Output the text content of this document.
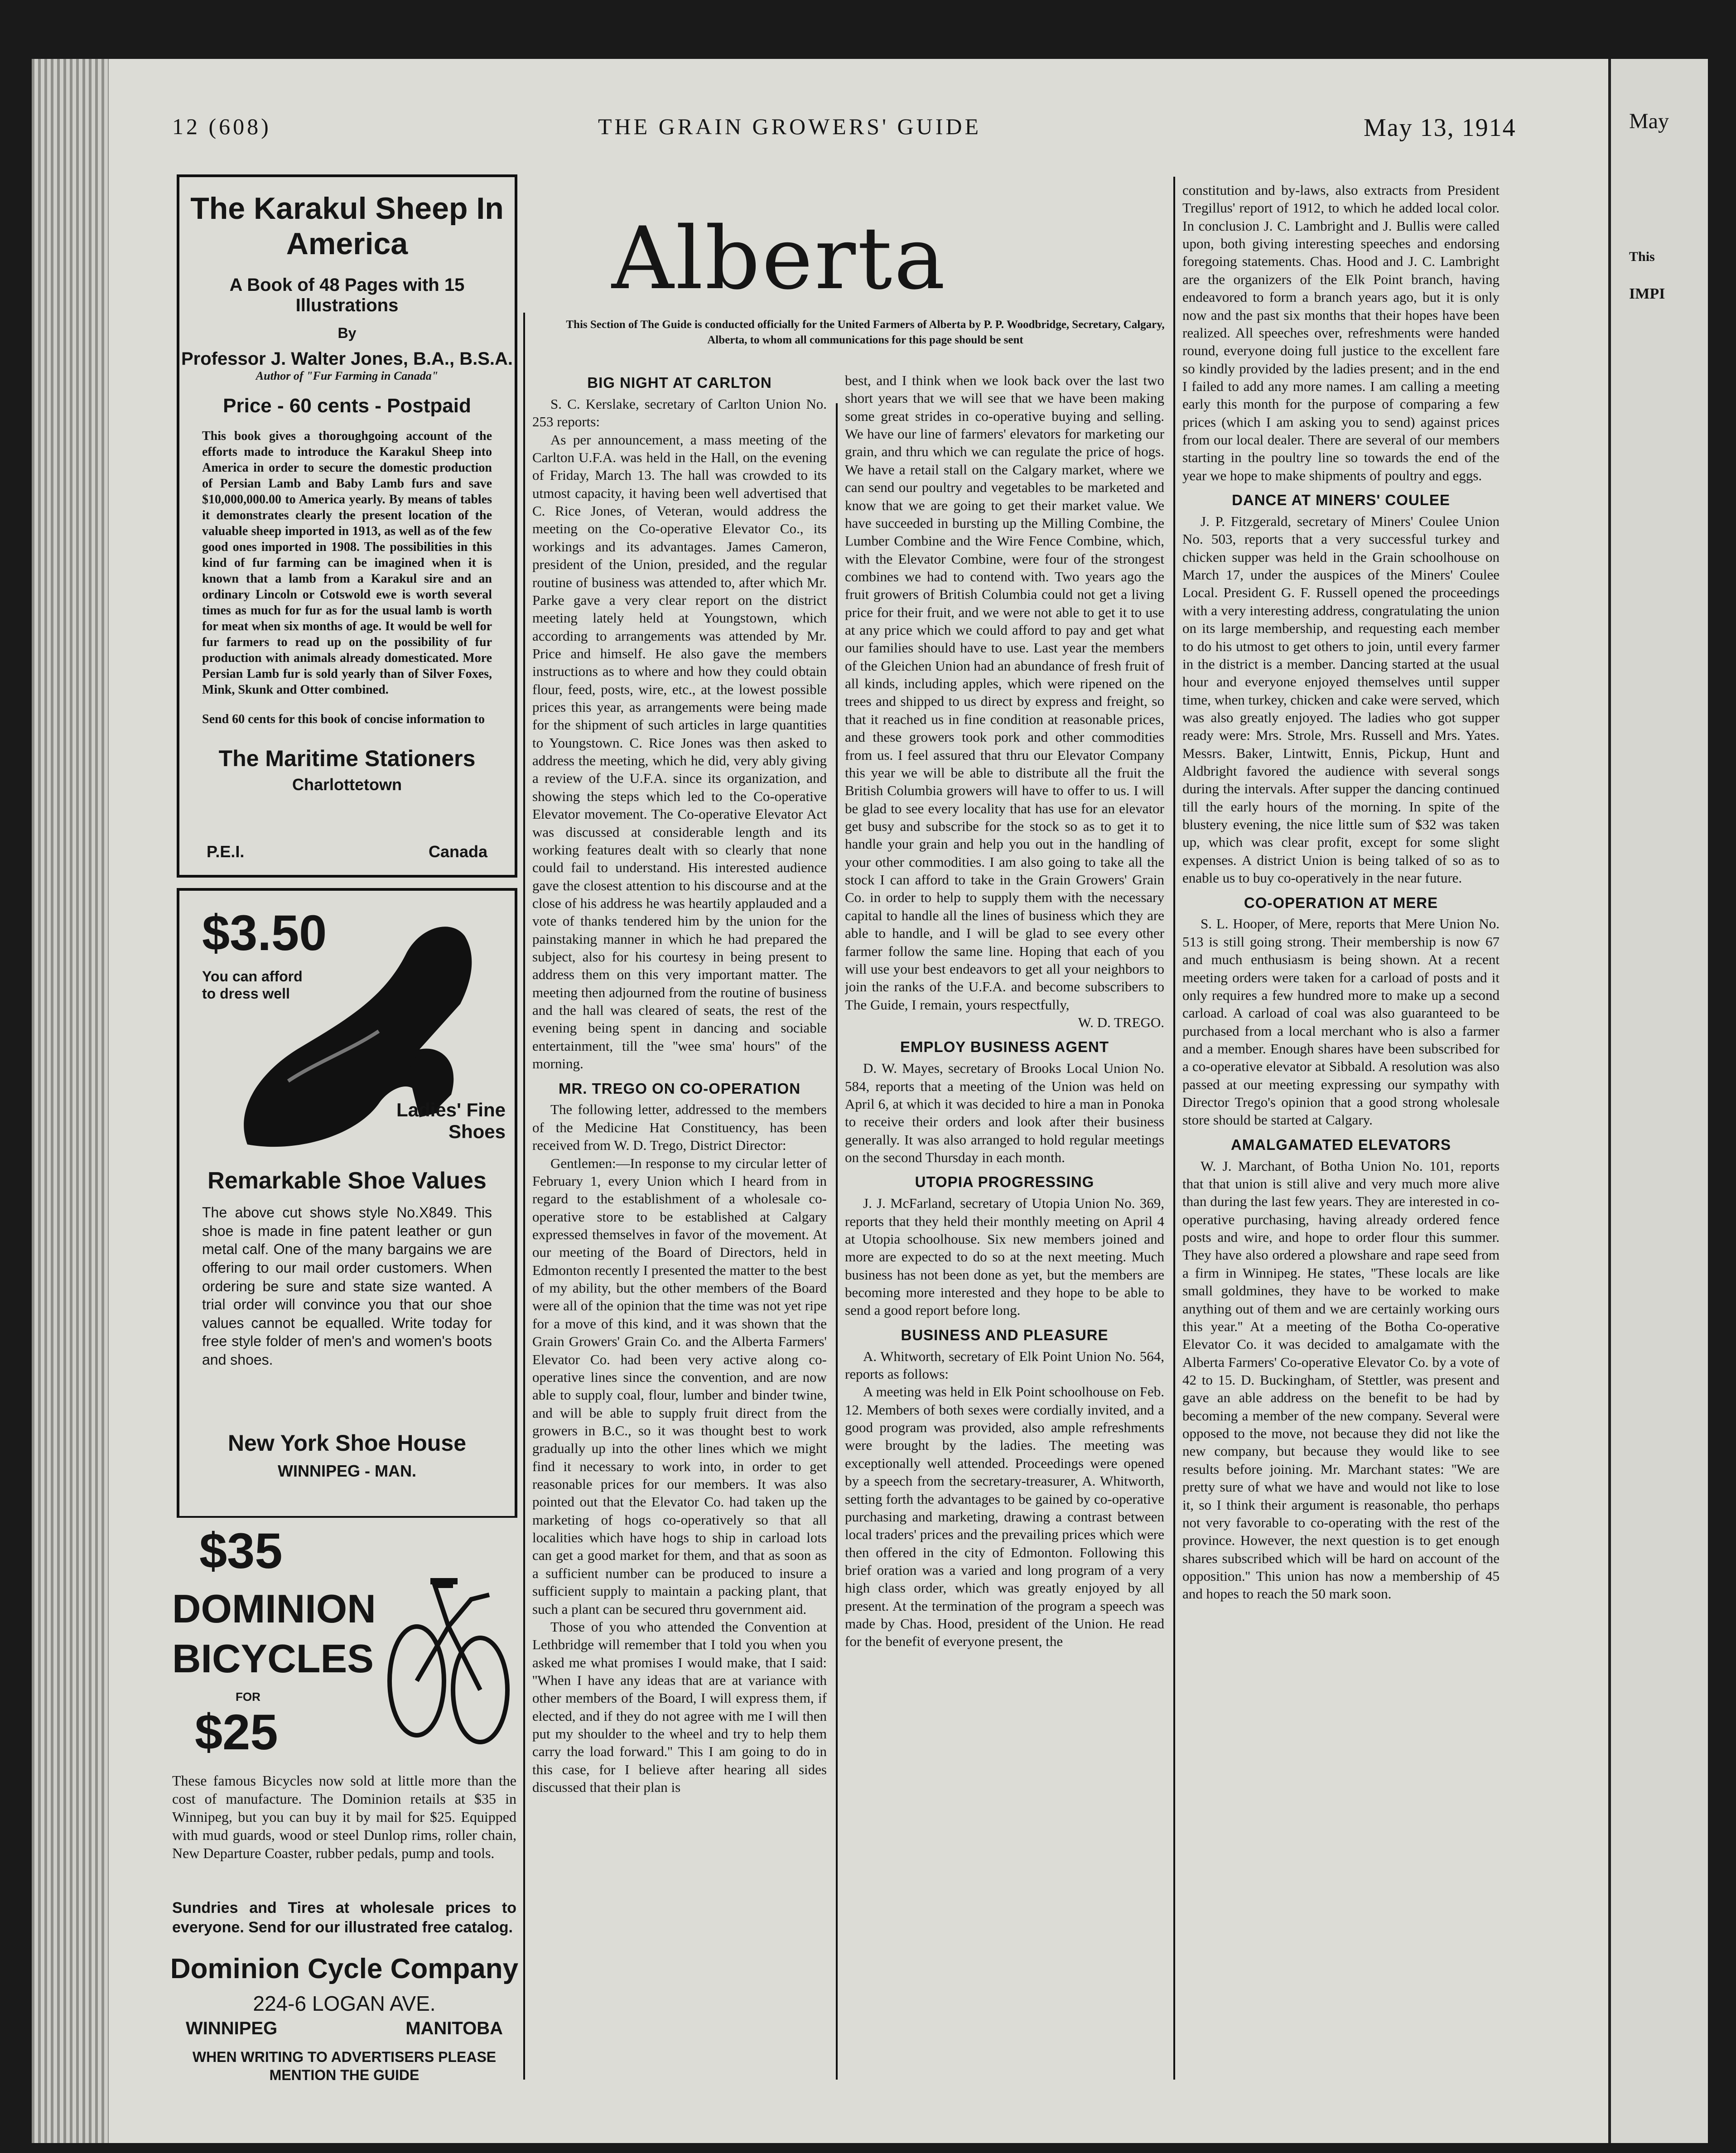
12 (608)	THE GRAIN GROWERS' GUIDE	May 13, 1914
Alberta
This Section of The Guide is conducted officially for the United Farmers of Alberta by P. P. Woodbridge, Secretary, Calgary, Alberta, to whom all communications for this page should be sent
The Karakul Sheep In America
A Book of 48 Pages with 15 Illustrations
By
Professor J. Walter Jones, B.A., B.S.A.
Author of "Fur Farming in Canada"
Price - 60 cents - Postpaid
This book gives a thoroughgoing account of the efforts made to introduce the Karakul Sheep into America in order to secure the domestic production of Persian Lamb and Baby Lamb furs and save $10,000,000.00 to America yearly. By means of tables it demonstrates clearly the present location of the valuable sheep imported in 1913, as well as of the few good ones imported in 1908. The possibilities in this kind of fur farming can be imagined when it is known that a lamb from a Karakul sire and an ordinary Lincoln or Cotswold ewe is worth several times as much for fur as for the usual lamb is worth for meat when six months of age. It would be well for fur farmers to read up on the possibility of fur production with animals already domesticated. More Persian Lamb fur is sold yearly than of Silver Foxes, Mink, Skunk and Otter combined.
Send 60 cents for this book of concise information to
The Maritime Stationers
Charlottetown
P.E.I.	Canada
$3.50
You can afford to dress well
Ladies' Fine Shoes
Remarkable Shoe Values
The above cut shows style No.X849. This shoe is made in fine patent leather or gun metal calf. One of the many bargains we are offering to our mail order customers. When ordering be sure and state size wanted. A trial order will convince you that our shoe values cannot be equalled. Write today for free style folder of men's and women's boots and shoes.
New York Shoe House
WINNIPEG - MAN.
$35
DOMINION
BICYCLES
FOR
$25
These famous Bicycles now sold at little more than the cost of manufacture. The Dominion retails at $35 in Winnipeg, but you can buy it by mail for $25. Equipped with mud guards, wood or steel Dunlop rims, roller chain, New Departure Coaster, rubber pedals, pump and tools.
Sundries and Tires at wholesale prices to everyone. Send for our illustrated free catalog.
Dominion Cycle Company
224-6 LOGAN AVE.
WINNIPEG	MANITOBA
WHEN WRITING TO ADVERTISERS PLEASE MENTION THE GUIDE
BIG NIGHT AT CARLTON

S. C. Kerslake, secretary of Carlton Union No. 253 reports:

As per announcement, a mass meeting of the Carlton U.F.A. was held in the Hall, on the evening of Friday, March 13. The hall was crowded to its utmost capacity, it having been well advertised that C. Rice Jones, of Veteran, would address the meeting on the Co-operative Elevator Co., its workings and its advantages. James Cameron, president of the Union, presided, and the regular routine of business was attended to, after which Mr. Parke gave a very clear report on the district meeting lately held at Youngstown, which according to arrangements was attended by Mr. Price and himself. He also gave the members instructions as to where and how they could obtain flour, feed, posts, wire, etc., at the lowest possible prices this year, as arrangements were being made for the shipment of such articles in large quantities to Youngstown. C. Rice Jones was then asked to address the meeting, which he did, very ably giving a review of the U.F.A. since its organization, and showing the steps which led to the Co-operative Elevator movement. The Co-operative Elevator Act was discussed at considerable length and its working features dealt with so clearly that none could fail to understand. His interested audience gave the closest attention to his discourse and at the close of his address he was heartily applauded and a vote of thanks tendered him by the union for the painstaking manner in which he had prepared the subject, also for his courtesy in being present to address them on this very important matter. The meeting then adjourned from the routine of business and the hall was cleared of seats, the rest of the evening being spent in dancing and sociable entertainment, till the ''wee sma' hours'' of the morning.

MR. TREGO ON CO-OPERATION

The following letter, addressed to the members of the Medicine Hat Constituency, has been received from W. D. Trego, District Director:

Gentlemen:—In response to my circular letter of February 1, every Union which I heard from in regard to the establishment of a wholesale co-operative store to be established at Calgary expressed themselves in favor of the movement. At our meeting of the Board of Directors, held in Edmonton recently I presented the matter to the best of my ability, but the other members of the Board were all of the opinion that the time was not yet ripe for a move of this kind, and it was shown that the Grain Growers' Grain Co. and the Alberta Farmers' Elevator Co. had been very active along co-operative lines since the convention, and are now able to supply coal, flour, lumber and binder twine, and will be able to supply fruit direct from the growers in B.C., so it was thought best to work gradually up into the other lines which we might find it necessary to work into, in order to get reasonable prices for our members. It was also pointed out that the Elevator Co. had taken up the marketing of hogs co-operatively so that all localities which have hogs to ship in carload lots can get a good market for them, and that as soon as a sufficient number can be produced to insure a sufficient supply to maintain a packing plant, that such a plant can be secured thru government aid.

Those of you who attended the Convention at Lethbridge will remember that I told you when you asked me what promises I would make, that I said: ''When I have any ideas that are at variance with other members of the Board, I will express them, if elected, and if they do not agree with me I will then put my shoulder to the wheel and try to help them carry the load forward.'' This I am going to do in this case, for I believe after hearing all sides discussed that their plan is

best, and I think when we look back over the last two short years that we will see that we have been making some great strides in co-operative buying and selling. We have our line of farmers' elevators for marketing our grain, and thru which we can regulate the price of hogs. We have a retail stall on the Calgary market, where we can send our poultry and vegetables to be marketed and know that we are going to get their market value. We have succeeded in bursting up the Milling Combine, the Lumber Combine and the Wire Fence Combine, which, with the Elevator Combine, were four of the strongest combines we had to contend with. Two years ago the fruit growers of British Columbia could not get a living price for their fruit, and we were not able to get it to use at any price which we could afford to pay and get what our families should have to use. Last year the members of the Gleichen Union had an abundance of fresh fruit of all kinds, including apples, which were ripened on the trees and shipped to us direct by express and freight, so that it reached us in fine condition at reasonable prices, and these growers took pork and other commodities from us. I feel assured that thru our Elevator Company this year we will be able to distribute all the fruit the British Columbia growers will have to offer to us. I will be glad to see every locality that has use for an elevator get busy and subscribe for the stock so as to get it to handle your grain and help you out in the handling of your other commodities. I am also going to take all the stock I can afford to take in the Grain Growers' Grain Co. in order to help to supply them with the necessary capital to handle all the lines of business which they are able to handle, and I will be glad to see every other farmer follow the same line. Hoping that each of you will use your best endeavors to get all your neighbors to join the ranks of the U.F.A. and become subscribers to The Guide, I remain, yours respectfully,

W. D. TREGO.

EMPLOY BUSINESS AGENT

D. W. Mayes, secretary of Brooks Local Union No. 584, reports that a meeting of the Union was held on April 6, at which it was decided to hire a man in Ponoka to receive their orders and look after their business generally. It was also arranged to hold regular meetings on the second Thursday in each month.

UTOPIA PROGRESSING

J. J. McFarland, secretary of Utopia Union No. 369, reports that they held their monthly meeting on April 4 at Utopia schoolhouse. Six new members joined and more are expected to do so at the next meeting. Much business has not been done as yet, but the members are becoming more interested and they hope to be able to send a good report before long.

BUSINESS AND PLEASURE

A. Whitworth, secretary of Elk Point Union No. 564, reports as follows:

A meeting was held in Elk Point schoolhouse on Feb. 12. Members of both sexes were cordially invited, and a good program was provided, also ample refreshments were brought by the ladies. The meeting was exceptionally well attended. Proceedings were opened by a speech from the secretary-treasurer, A. Whitworth, setting forth the advantages to be gained by co-operative purchasing and marketing, drawing a contrast between local traders' prices and the prevailing prices which were then offered in the city of Edmonton. Following this brief oration was a varied and long program of a very high class order, which was greatly enjoyed by all present. At the termination of the program a speech was made by Chas. Hood, president of the Union. He read for the benefit of everyone present, the

constitution and by-laws, also extracts from President Tregillus' report of 1912, to which he added local color. In conclusion J. C. Lambright and J. Bullis were called upon, both giving interesting speeches and endorsing foregoing statements. Chas. Hood and J. C. Lambright are the organizers of the Elk Point branch, having endeavored to form a branch years ago, but it is only now and the past six months that their hopes have been realized. All speeches over, refreshments were handed round, everyone doing full justice to the excellent fare so kindly provided by the ladies present; and in the end I failed to add any more names. I am calling a meeting early this month for the purpose of comparing a few prices (which I am asking you to send) against prices from our local dealer. There are several of our members starting in the poultry line so towards the end of the year we hope to make shipments of poultry and eggs.

DANCE AT MINERS' COULEE

J. P. Fitzgerald, secretary of Miners' Coulee Union No. 503, reports that a very successful turkey and chicken supper was held in the Grain schoolhouse on March 17, under the auspices of the Miners' Coulee Local. President G. F. Russell opened the proceedings with a very interesting address, congratulating the union on its large membership, and requesting each member to do his utmost to get others to join, until every farmer in the district is a member. Dancing started at the usual hour and everyone enjoyed themselves until supper time, when turkey, chicken and cake were served, which was also greatly enjoyed. The ladies who got supper ready were: Mrs. Strole, Mrs. Russell and Mrs. Yates. Messrs. Baker, Lintwitt, Ennis, Pickup, Hunt and Aldbright favored the audience with several songs during the intervals. After supper the dancing continued till the early hours of the morning. In spite of the blustery evening, the nice little sum of $32 was taken up, which was clear profit, except for some slight expenses. A district Union is being talked of so as to enable us to buy co-operatively in the near future.

CO-OPERATION AT MERE

S. L. Hooper, of Mere, reports that Mere Union No. 513 is still going strong. Their membership is now 67 and much enthusiasm is being shown. At a recent meeting orders were taken for a carload of posts and it only requires a few hundred more to make up a second carload. A carload of coal was also guaranteed to be purchased from a local merchant who is also a farmer and a member. Enough shares have been subscribed for a co-operative elevator at Sibbald. A resolution was also passed at our meeting expressing our sympathy with Director Trego's opinion that a good strong wholesale store should be started at Calgary.

AMALGAMATED ELEVATORS

W. J. Marchant, of Botha Union No. 101, reports that that union is still alive and very much more alive than during the last few years. They are interested in co-operative purchasing, having already ordered fence posts and wire, and hope to order flour this summer. They have also ordered a plowshare and rape seed from a firm in Winnipeg. He states, ''These locals are like small goldmines, they have to be worked to make anything out of them and we are certainly working ours this year.'' At a meeting of the Botha Co-operative Elevator Co. it was decided to amalgamate with the Alberta Farmers' Co-operative Elevator Co. by a vote of 42 to 15. D. Buckingham, of Stettler, was present and gave an able address on the benefit to be had by becoming a member of the new company. Several were opposed to the move, not because they did not like the new company, but because they would like to see results before joining. Mr. Marchant states: ''We are pretty sure of what we have and would not like to lose it, so I think their argument is reasonable, tho perhaps not very favorable to co-operating with the rest of the province. However, the next question is to get enough shares subscribed which will be hard on account of the opposition.'' This union has now a membership of 45 and hopes to reach the 50 mark soon.

May
This
IMPI
